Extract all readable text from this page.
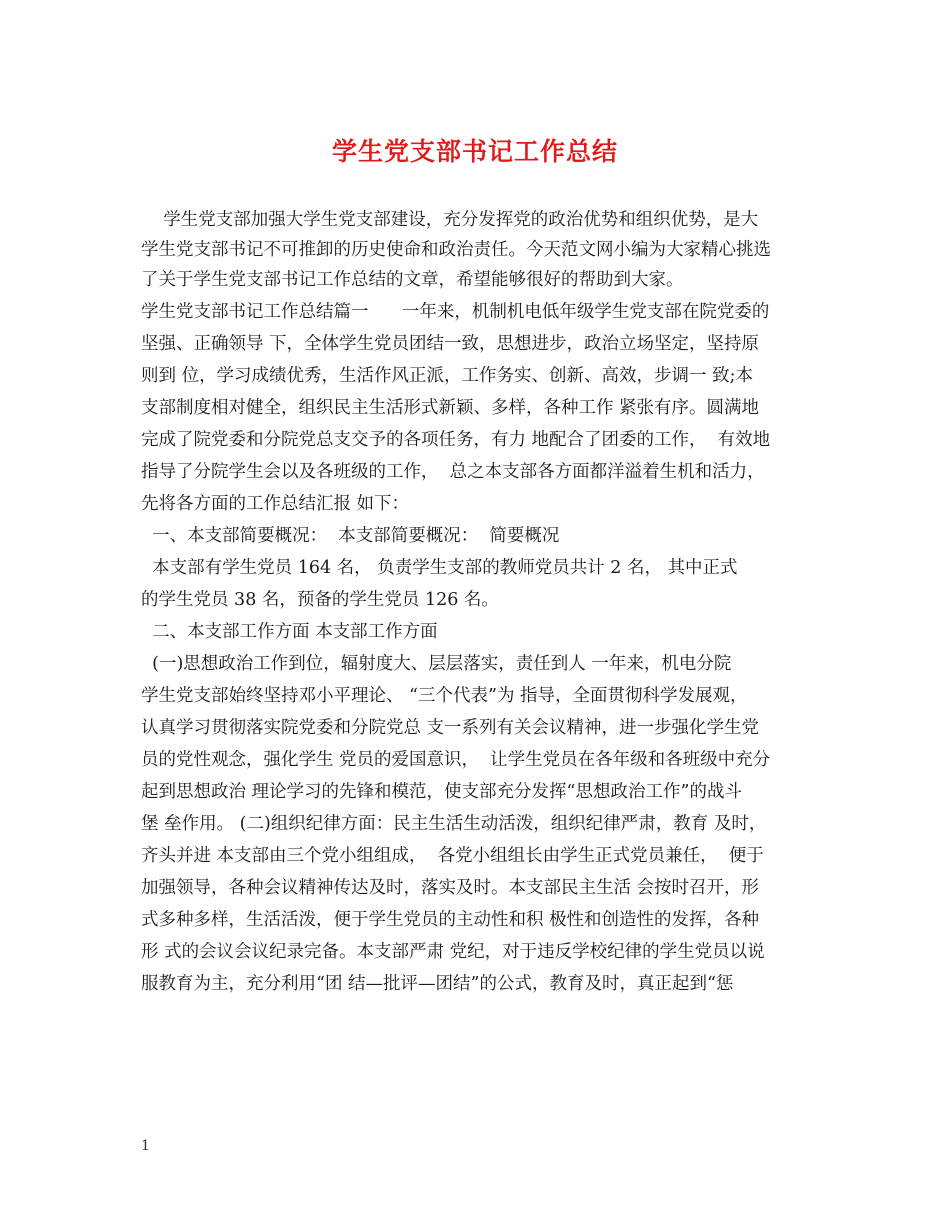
学生党支部书记工作总结

学生党支部加强大学生党支部建设，充分发挥党的政治优势和组织优势，是大

学生党支部书记不可推卸的历史使命和政治责任。今天范文网小编为大家精心挑选

了关于学生党支部书记工作总结的文章，希望能够很好的帮助到大家。

学生党支部书记工作总结篇一      一年来，机制机电低年级学生党支部在院党委的

坚强、正确领导 下，全体学生党员团结一致，思想进步，政治立场坚定，坚持原

则到 位，学习成绩优秀，生活作风正派，工作务实、创新、高效，步调一 致;本

支部制度相对健全，组织民主生活形式新颖、多样，各种工作 紧张有序。圆满地

完成了院党委和分院党总支交予的各项任务，有力 地配合了团委的工作，  有效地

指导了分院学生会以及各班级的工作，  总之本支部各方面都洋溢着生机和活力，

先将各方面的工作总结汇报 如下：

一、本支部简要概况：  本支部简要概况：  简要概况

本支部有学生党员 164 名， 负责学生支部的教师党员共计 2 名， 其中正式

的学生党员 38 名，预备的学生党员 126 名。

二、本支部工作方面 本支部工作方面

(一)思想政治工作到位，辐射度大、层层落实，责任到人 一年来，机电分院

学生党支部始终坚持邓小平理论、 “三个代表”为 指导，全面贯彻科学发展观，

认真学习贯彻落实院党委和分院党总 支一系列有关会议精神，进一步强化学生党

员的党性观念，强化学生 党员的爱国意识，  让学生党员在各年级和各班级中充分

起到思想政治 理论学习的先锋和模范，使支部充分发挥“思想政治工作”的战斗

堡 垒作用。 (二)组织纪律方面：民主生活生动活泼，组织纪律严肃，教育 及时，

齐头并进 本支部由三个党小组组成，  各党小组组长由学生正式党员兼任，  便于

加强领导，各种会议精神传达及时，落实及时。本支部民主生活 会按时召开，形

式多种多样，生活活泼，便于学生党员的主动性和积 极性和创造性的发挥，各种

形 式的会议会议纪录完备。本支部严肃 党纪，对于违反学校纪律的学生党员以说

服教育为主，充分利用“团 结—批评—团结”的公式，教育及时，真正起到“惩

1
